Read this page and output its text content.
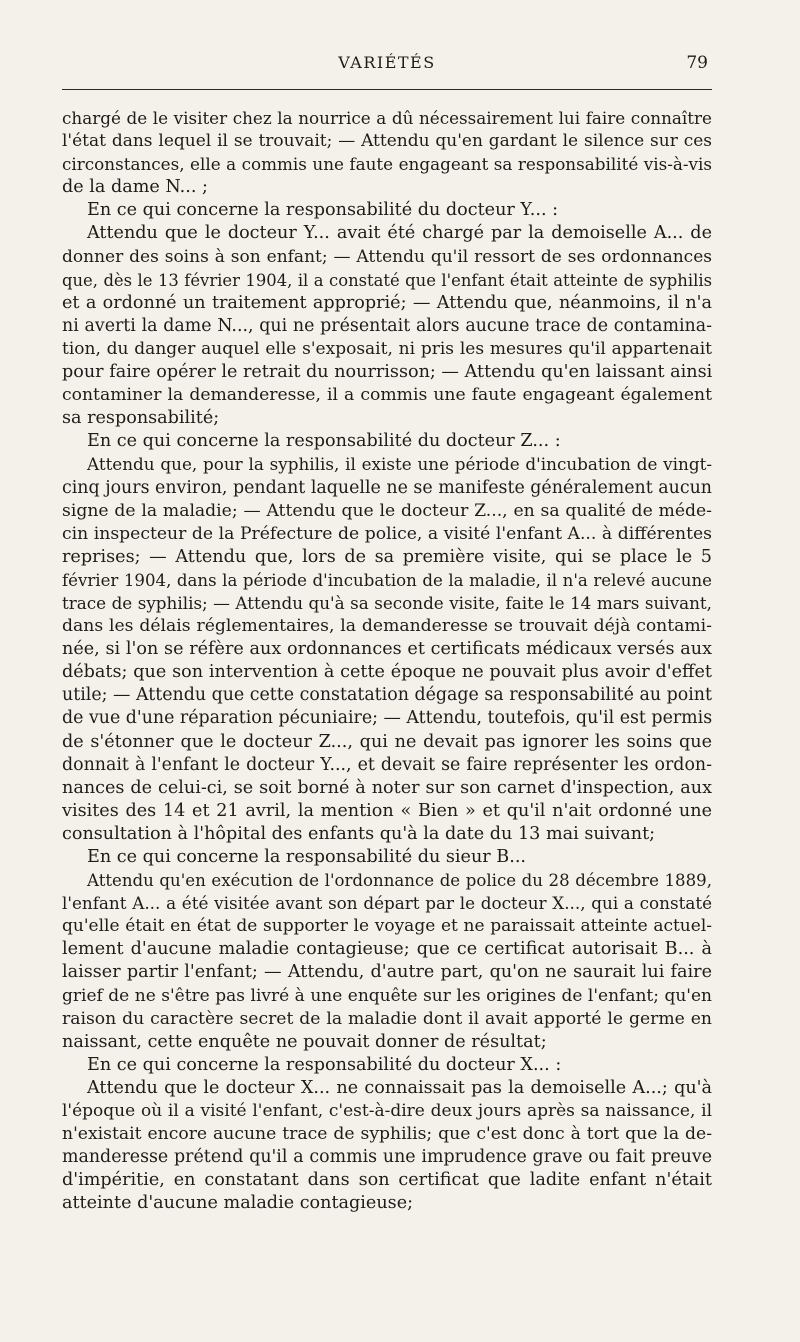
VARIÉTÉS	79
chargé de le visiter chez la nourrice a dû nécessairement lui faire connaître
l'état dans lequel il se trouvait; — Attendu qu'en gardant le silence sur ces
circonstances, elle a commis une faute engageant sa responsabilité vis-à-vis
de la dame N... ;
En ce qui concerne la responsabilité du docteur Y... :
Attendu que le docteur Y... avait été chargé par la demoiselle A... de
donner des soins à son enfant; — Attendu qu'il ressort de ses ordonnances
que, dès le 13 février 1904, il a constaté que l'enfant était atteinte de syphilis
et a ordonné un traitement approprié; — Attendu que, néanmoins, il n'a
ni averti la dame N..., qui ne présentait alors aucune trace de contamina-
tion, du danger auquel elle s'exposait, ni pris les mesures qu'il appartenait
pour faire opérer le retrait du nourrisson; — Attendu qu'en laissant ainsi
contaminer la demanderesse, il a commis une faute engageant également
sa responsabilité;
En ce qui concerne la responsabilité du docteur Z... :
Attendu que, pour la syphilis, il existe une période d'incubation de vingt-
cinq jours environ, pendant laquelle ne se manifeste généralement aucun
signe de la maladie; — Attendu que le docteur Z..., en sa qualité de méde-
cin inspecteur de la Préfecture de police, a visité l'enfant A... à différentes
reprises; — Attendu que, lors de sa première visite, qui se place le 5
février 1904, dans la période d'incubation de la maladie, il n'a relevé aucune
trace de syphilis; — Attendu qu'à sa seconde visite, faite le 14 mars suivant,
dans les délais réglementaires, la demanderesse se trouvait déjà contami-
née, si l'on se réfère aux ordonnances et certificats médicaux versés aux
débats; que son intervention à cette époque ne pouvait plus avoir d'effet
utile; — Attendu que cette constatation dégage sa responsabilité au point
de vue d'une réparation pécuniaire; — Attendu, toutefois, qu'il est permis
de s'étonner que le docteur Z..., qui ne devait pas ignorer les soins que
donnait à l'enfant le docteur Y..., et devait se faire représenter les ordon-
nances de celui-ci, se soit borné à noter sur son carnet d'inspection, aux
visites des 14 et 21 avril, la mention « Bien » et qu'il n'ait ordonné une
consultation à l'hôpital des enfants qu'à la date du 13 mai suivant;
En ce qui concerne la responsabilité du sieur B...
Attendu qu'en exécution de l'ordonnance de police du 28 décembre 1889,
l'enfant A... a été visitée avant son départ par le docteur X..., qui a constaté
qu'elle était en état de supporter le voyage et ne paraissait atteinte actuel-
lement d'aucune maladie contagieuse; que ce certificat autorisait B... à
laisser partir l'enfant; — Attendu, d'autre part, qu'on ne saurait lui faire
grief de ne s'être pas livré à une enquête sur les origines de l'enfant; qu'en
raison du caractère secret de la maladie dont il avait apporté le germe en
naissant, cette enquête ne pouvait donner de résultat;
En ce qui concerne la responsabilité du docteur X... :
Attendu que le docteur X... ne connaissait pas la demoiselle A...; qu'à
l'époque où il a visité l'enfant, c'est-à-dire deux jours après sa naissance, il
n'existait encore aucune trace de syphilis; que c'est donc à tort que la de-
manderesse prétend qu'il a commis une imprudence grave ou fait preuve
d'impéritie, en constatant dans son certificat que ladite enfant n'était
atteinte d'aucune maladie contagieuse;
